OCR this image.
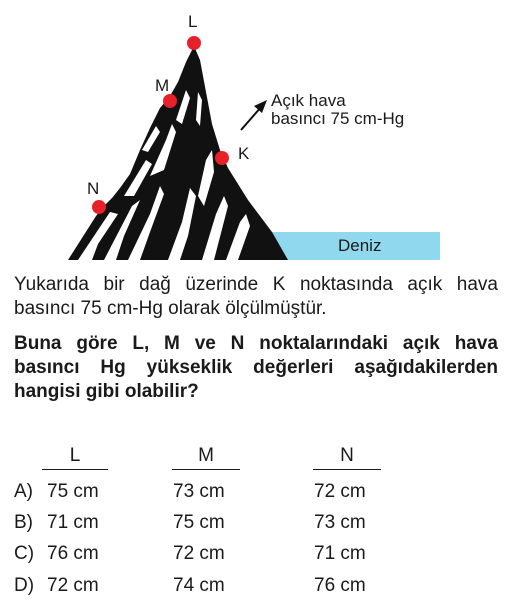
L
M
K
N
Deniz
Açık hava
basıncı 75 cm-Hg
Yukarıda bir dağ üzerinde K noktasında açık hava
basıncı 75 cm-Hg olarak ölçülmüştür.
Buna göre L, M ve N noktalarındaki açık hava
basıncı Hg yükseklik değerleri aşağıdakilerden
hangisi gibi olabilir?
L	M	N
A) 75 cm	73 cm	72 cm
B) 71 cm	75 cm	73 cm
C) 76 cm	72 cm	71 cm
D) 72 cm	74 cm	76 cm
